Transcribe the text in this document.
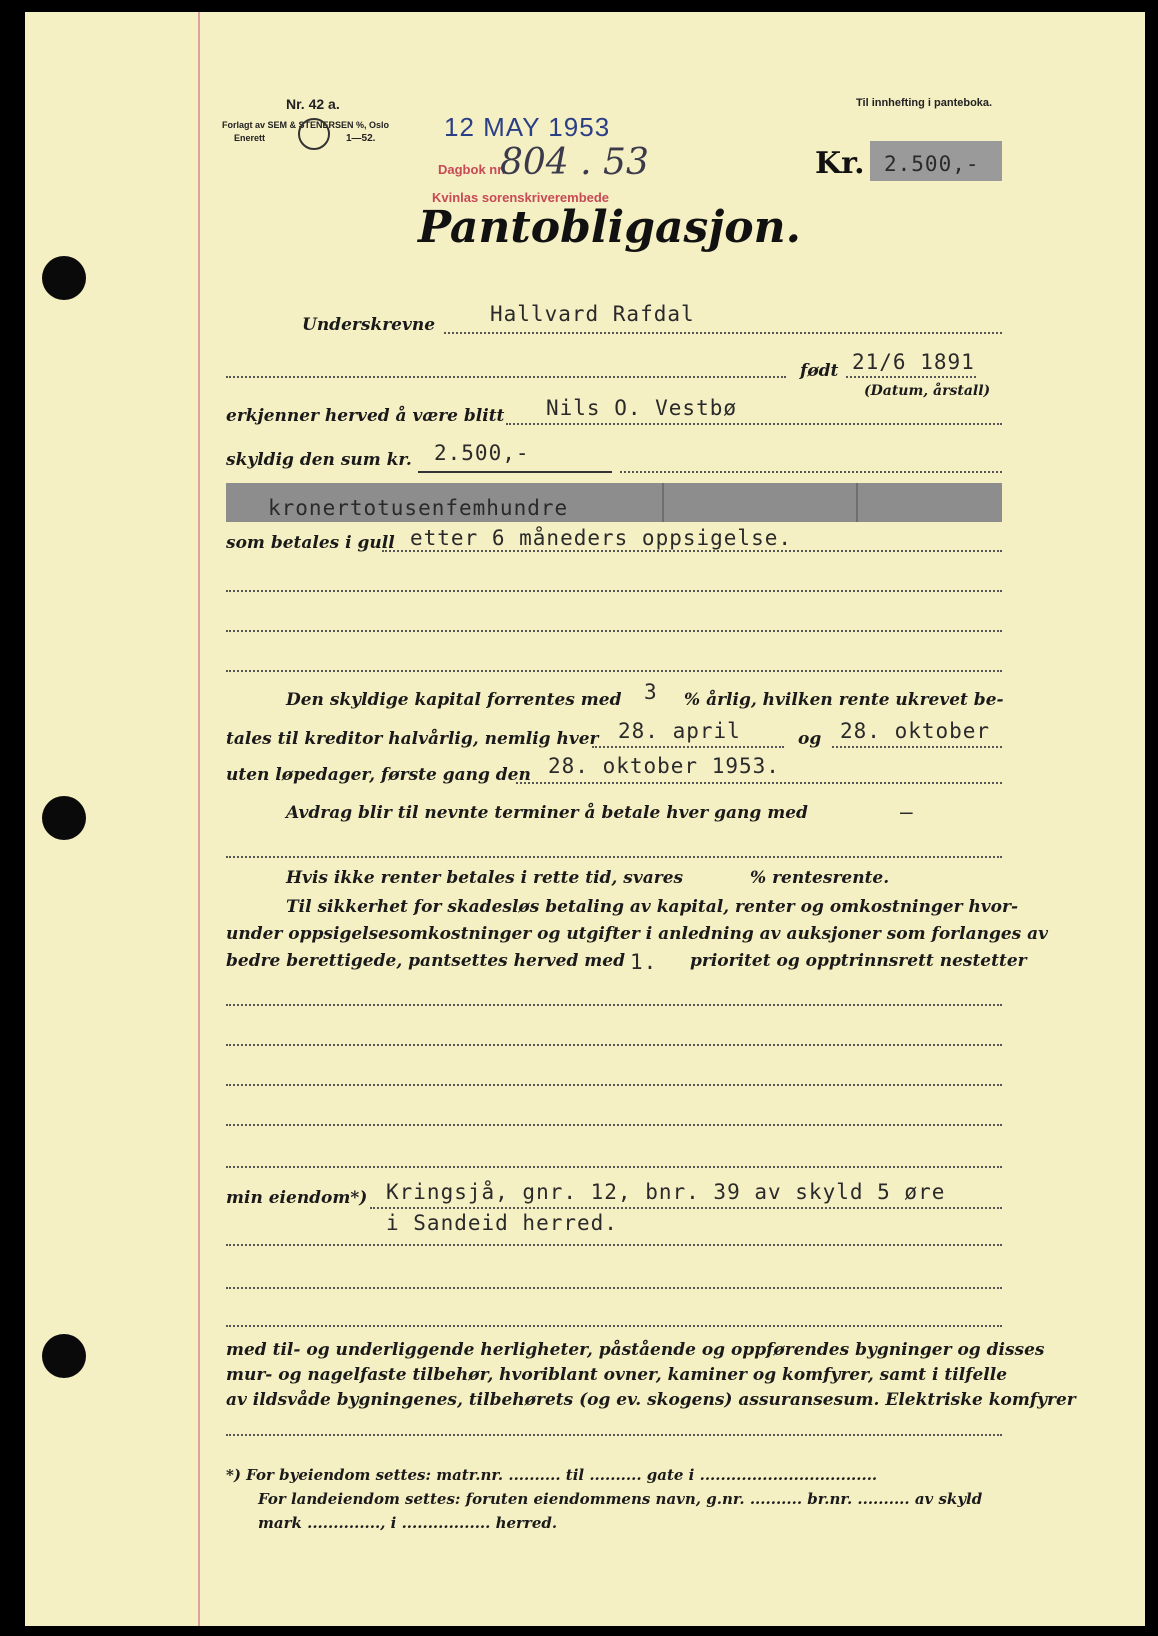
Nr. 42 a.
Forlagt av SEM & STENERSEN %, Oslo
Enerett	1—52.
Til innhefting i panteboka.
12 MAY 1953
Dagbok nr.
804 . 53
Kvinlas sorenskriverembede
Kr. 2.500,-
Pantobligasjon.
Underskrevne	Hallvard Rafdal
født 21/6 1891
(Datum, årstall)
erkjenner herved å være blitt Nils O. Vestbø
skyldig den sum kr. 2.500,-
kronertotusenfemhundre
som betales i gull etter 6 måneders oppsigelse.
Den skyldige kapital forrentes med 3 % årlig, hvilken rente ukrevet be-
tales til kreditor halvårlig, nemlig hver 28. april	og 28. oktober
uten løpedager, første gang den 28. oktober 1953.
Avdrag blir til nevnte terminer å betale hver gang med	—
Hvis ikke renter betales i rette tid, svares	% rentesrente.
Til sikkerhet for skadesløs betaling av kapital, renter og omkostninger hvor-
under oppsigelsesomkostninger og utgifter i anledning av auksjoner som forlanges av
bedre berettigede, pantsettes herved med 1. prioritet og opptrinnsrett nestetter
min eiendom*) Kringsjå, gnr. 12, bnr. 39 av skyld 5 øre
i Sandeid herred.
med til- og underliggende herligheter, påstående og oppførendes bygninger og disses
mur- og nagelfaste tilbehør, hvoriblant ovner, kaminer og komfyrer, samt i tilfelle
av ildsvåde bygningenes, tilbehørets (og ev. skogens) assuransesum. Elektriske komfyrer
*) For byeiendom settes: matr.nr. .......... til .......... gate i ..................................
For landeiendom settes: foruten eiendommens navn, g.nr. .......... br.nr. .......... av skyld
mark .............., i ................. herred.
